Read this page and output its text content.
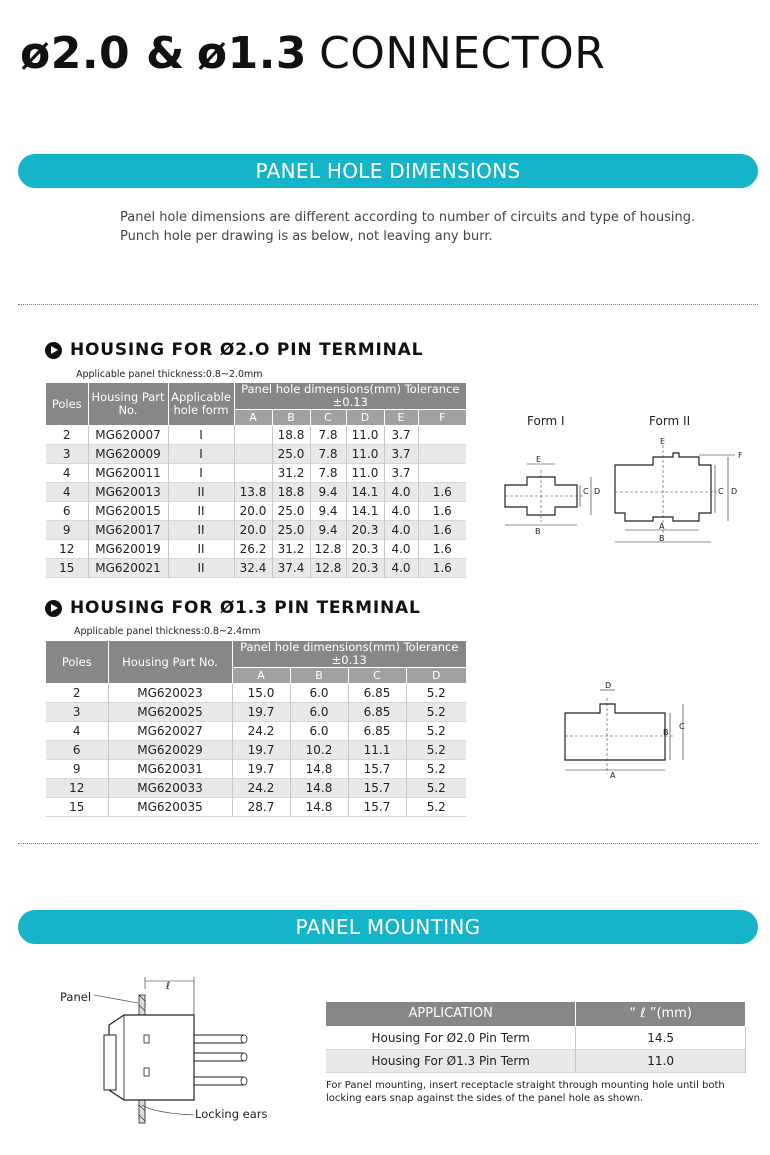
ø2.0 & ø1.3 CONNECTOR
PANEL HOLE DIMENSIONS
Panel hole dimensions are different according to number of circuits and type of housing.
Punch hole per drawing is as below, not leaving any burr.
HOUSING FOR Ø2.O PIN TERMINAL
Applicable panel thickness:0.8~2.0mm
Poles	Housing Part No.	Applicable hole form	Panel hole dimensions(mm) Tolerance ±0.13					
			A	B	C	D	E	F
2	MG620007	I		18.8	7.8	11.0	3.7	
3	MG620009	I		25.0	7.8	11.0	3.7	
4	MG620011	I		31.2	7.8	11.0	3.7	
4	MG620013	II	13.8	18.8	9.4	14.1	4.0	1.6
6	MG620015	II	20.0	25.0	9.4	14.1	4.0	1.6
9	MG620017	II	20.0	25.0	9.4	20.3	4.0	1.6
12	MG620019	II	26.2	31.2	12.8	20.3	4.0	1.6
15	MG620021	II	32.4	37.4	12.8	20.3	4.0	1.6
Form I	Form II
E
B
C D
E
F
A
B
C D
HOUSING FOR Ø1.3 PIN TERMINAL
Applicable panel thickness:0.8~2.4mm
Poles	Housing Part No.	Panel hole dimensions(mm) Tolerance ±0.13			
		A	B	C	D
2	MG620023	15.0	6.0	6.85	5.2
3	MG620025	19.7	6.0	6.85	5.2
4	MG620027	24.2	6.0	6.85	5.2
6	MG620029	19.7	10.2	11.1	5.2
9	MG620031	19.7	14.8	15.7	5.2
12	MG620033	24.2	14.8	15.7	5.2
15	MG620035	28.7	14.8	15.7	5.2
D
A
B
C
PANEL MOUNTING
Panel
Locking ears
ℓ
APPLICATION	“ ℓ ”(mm)
Housing For Ø2.0 Pin Term	14.5
Housing For Ø1.3 Pin Term	11.0
For Panel mounting, insert receptacle straight through mounting hole until both
locking ears snap against the sides of the panel hole as shown.
